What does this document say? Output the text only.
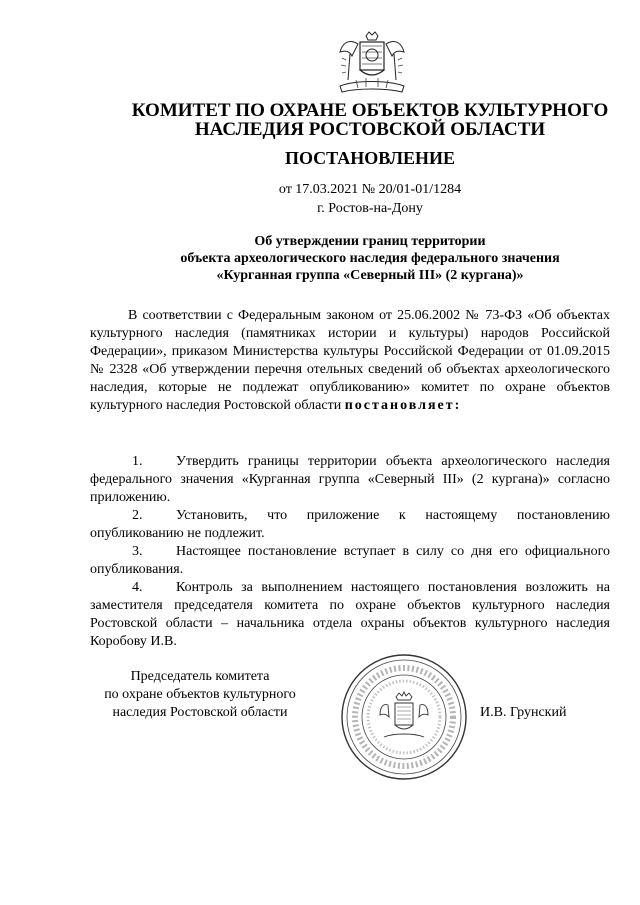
КОМИТЕТ ПО ОХРАНЕ ОБЪЕКТОВ КУЛЬТУРНОГО
НАСЛЕДИЯ РОСТОВСКОЙ ОБЛАСТИ
ПОСТАНОВЛЕНИЕ
от 17.03.2021 № 20/01-01/1284
г. Ростов-на-Дону
Об утверждении границ территории
объекта археологического наследия федерального значения
«Курганная группа «Северный III» (2 кургана)»

В соответствии с Федеральным законом от 25.06.2002 № 73-ФЗ «Об объектах культурного наследия (памятниках истории и культуры) народов Российской Федерации», приказом Министерства культуры Российской Федерации от 01.09.2015 № 2328 «Об утверждении перечня отельных сведений об объектах археологического наследия, которые не подлежат опубликованию» комитет по охране объектов культурного наследия Ростовской области постановляет:

1. Утвердить границы территории объекта археологического наследия федерального значения «Курганная группа «Северный III» (2 кургана)» согласно приложению.

2. Установить, что приложение к настоящему постановлению опубликованию не подлежит.

3. Настоящее постановление вступает в силу со дня его официального опубликования.

4. Контроль за выполнением настоящего постановления возложить на заместителя председателя комитета по охране объектов культурного наследия Ростовской области – начальника отдела охраны объектов культурного наследия Коробову И.В.

Председатель комитета
по охране объектов культурного
наследия Ростовской области	И.В. Грунский
